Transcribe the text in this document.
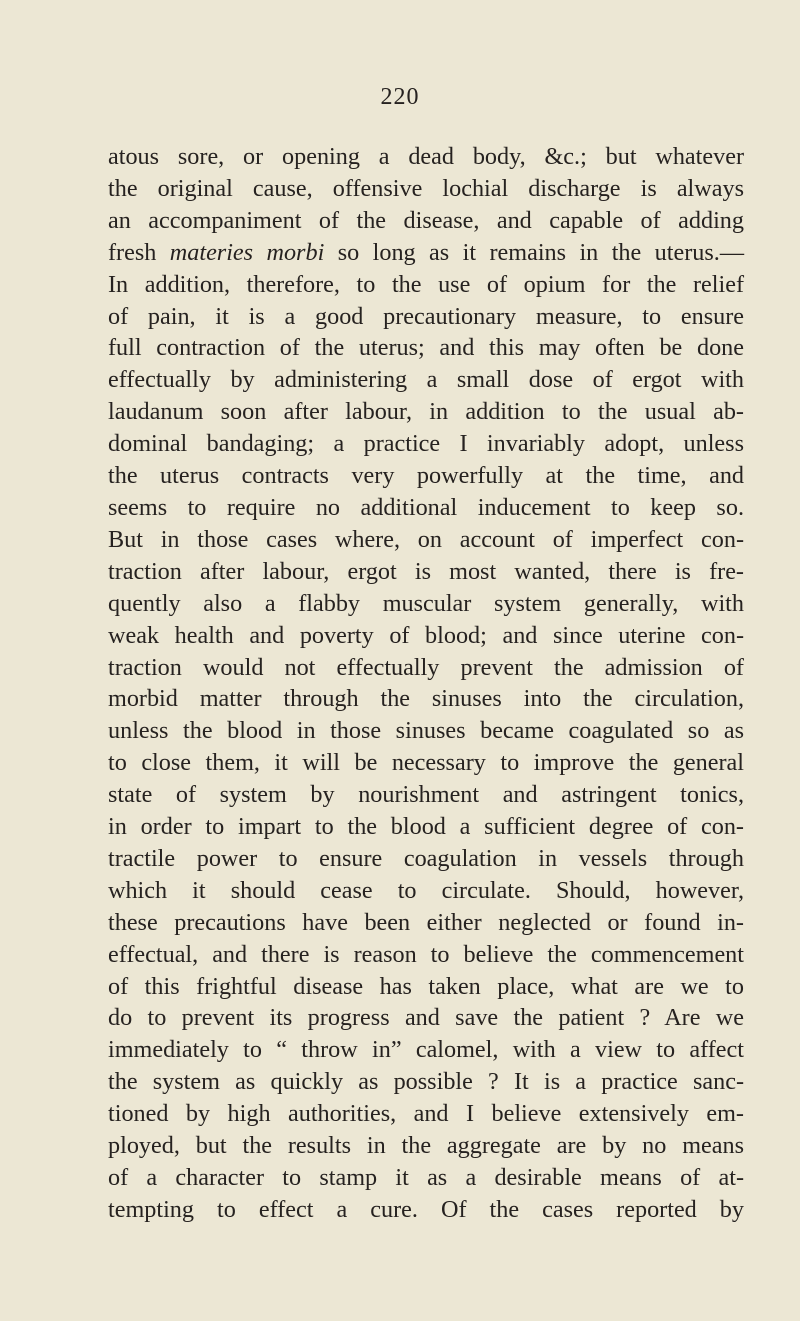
220
atous sore, or opening a dead body, &c.; but whatever
the original cause, offensive lochial discharge is always
an accompaniment of the disease, and capable of adding
fresh materies morbi so long as it remains in the uterus.—
In addition, therefore, to the use of opium for the relief
of pain, it is a good precautionary measure, to ensure
full contraction of the uterus; and this may often be done
effectually by administering a small dose of ergot with
laudanum soon after labour, in addition to the usual ab-
dominal bandaging; a practice I invariably adopt, unless
the uterus contracts very powerfully at the time, and
seems to require no additional inducement to keep so.
But in those cases where, on account of imperfect con-
traction after labour, ergot is most wanted, there is fre-
quently also a flabby muscular system generally, with
weak health and poverty of blood; and since uterine con-
traction would not effectually prevent the admission of
morbid matter through the sinuses into the circulation,
unless the blood in those sinuses became coagulated so as
to close them, it will be necessary to improve the general
state of system by nourishment and astringent tonics,
in order to impart to the blood a sufficient degree of con-
tractile power to ensure coagulation in vessels through
which it should cease to circulate. Should, however,
these precautions have been either neglected or found in-
effectual, and there is reason to believe the commencement
of this frightful disease has taken place, what are we to
do to prevent its progress and save the patient ? Are we
immediately to “ throw in” calomel, with a view to affect
the system as quickly as possible ? It is a practice sanc-
tioned by high authorities, and I believe extensively em-
ployed, but the results in the aggregate are by no means
of a character to stamp it as a desirable means of at-
tempting to effect a cure. Of the cases reported by
